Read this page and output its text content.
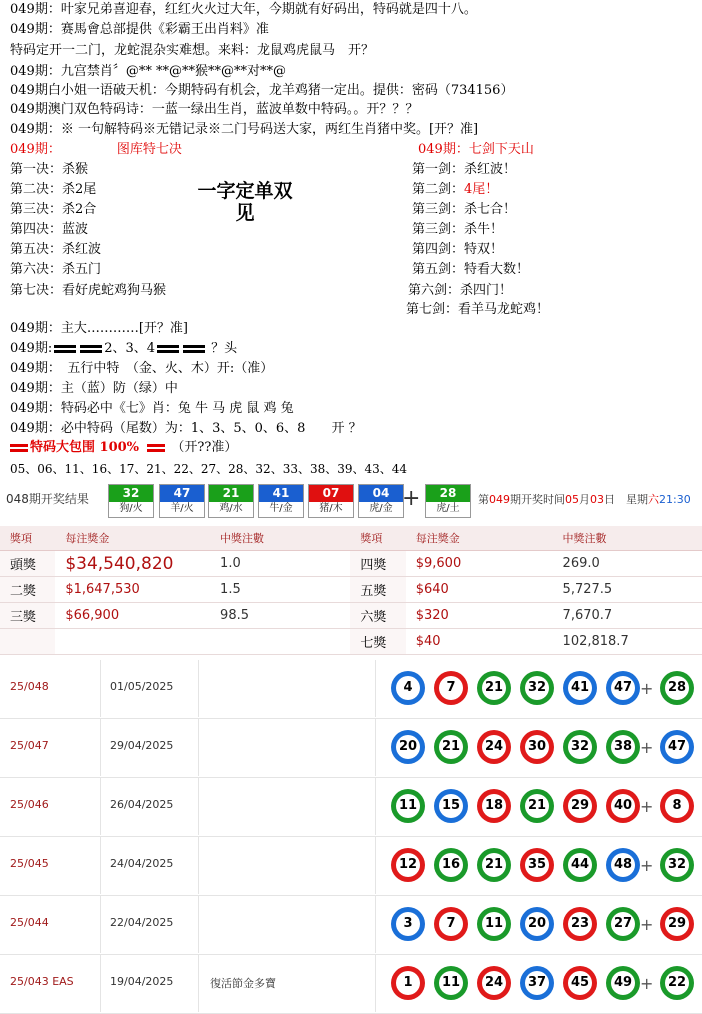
049期：叶家兄弟喜迎春，红红火火过大年，今期就有好码出，特码就是四十八。
049期：赛馬會总部提供《彩霸王出肖料》准
特码定开一二门，龙蛇混杂实难想。来料：龙鼠鸡虎鼠马　开？
049期：九宫禁肖〞@** **@**猴**@**对**@
049期白小姐一语破天机：今期特码有机会，龙羊鸡猪一定出。提供：密码（734156）
049期澳门双色特码诗：一蓝一绿出生肖，蓝波单数中特码。。开？？？
049期：※ 一句解特码※无错记录※二门号码送大家，两红生肖猪中奖。[开？准]
049期：	图库特七决
一字定单双
见
049期：七剑下天山
049期：主大…………[开？准]
049期:	2、3、4	？头
049期：　五行中特　（金、火、木）开:（准）
049期：主（蓝）防（绿）中
049期：特码必中《七》肖：兔 牛 马 虎 鼠 鸡 兔
049期：必中特码（尾数）为：1、3、5、0、6、8　　开 ？
特码大包围 100% （开??准）
05、06、11、16、17、21、22、27、28、32、33、38、39、43、44
048期开奖结果	32
狗/火
47
羊/火
21
鸡/水
41
牛/金
07
猪/木
04
虎/金
28
虎/土
+	第049期开奖时间05月03日　星期六21:30
獎項	每注獎金	中獎注數	獎項	每注獎金	中獎注數
頭獎	$34,540,820	1.0	四獎	$9,600	269.0
二獎	$1,647,530	1.5	五獎	$640	5,727.5
三獎	$66,900	98.5	六獎	$320	7,670.7
			七獎	$40	102,818.7
25/048	01/05/2025	4	7	21 32 41 47 + 28
25/047	29/04/2025	20 21 24 30 32 38 + 47
25/046	26/04/2025	11 15 18 21 29 40 +	8
25/045	24/04/2025	12 16 21 35 44 48 + 32
25/044	22/04/2025	3	7	11 20 23 27 + 29
25/043 EAS	19/04/2025	復活節金多寶	1	11 24 37 45 49 + 22
第一决：杀猴
第二决：杀2尾
第三决：杀2合
第四决：蓝波
第五决：杀红波
第六决：杀五门
第七决：看好虎蛇鸡狗马猴
第一剑：杀红波！
第二剑：4尾！
第三剑：杀七合！
第三剑：杀牛！
第四剑：特双！
第五剑：特看大数！
第六剑：杀四门！
第七剑：看羊马龙蛇鸡！
